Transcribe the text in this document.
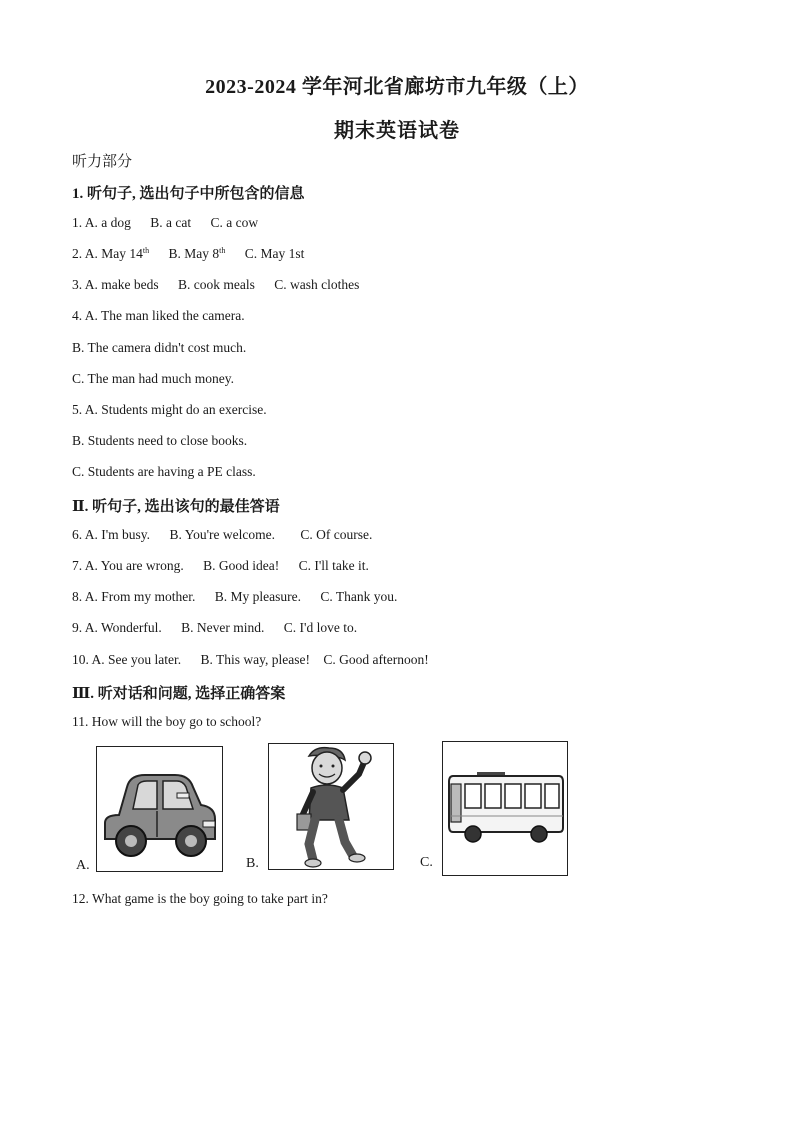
2023-2024 学年河北省廊坊市九年级（上）
期末英语试卷
听力部分
1. 听句子, 选出句子中所包含的信息
1. A. a dog B. a cat C. a cow
2. A. May 14th B. May 8th C. May 1st
3. A. make beds B. cook meals C. wash clothes
4. A. The man liked the camera.
B. The camera didn't cost much.
C. The man had much money.
5. A. Students might do an exercise.
B. Students need to close books.
C. Students are having a PE class.
Ⅱ. 听句子, 选出该句的最佳答语
6. A. I'm busy. B. You're welcome. C. Of course.
7. A. You are wrong. B. Good idea! C. I'll take it.
8. A. From my mother. B. My pleasure. C. Thank you.
9. A. Wonderful. B. Never mind. C. I'd love to.
10. A. See you later. B. This way, please! C. Good afternoon!
Ⅲ. 听对话和问题, 选择正确答案
11. How will the boy go to school?
A.	B.	C.
12. What game is the boy going to take part in?
